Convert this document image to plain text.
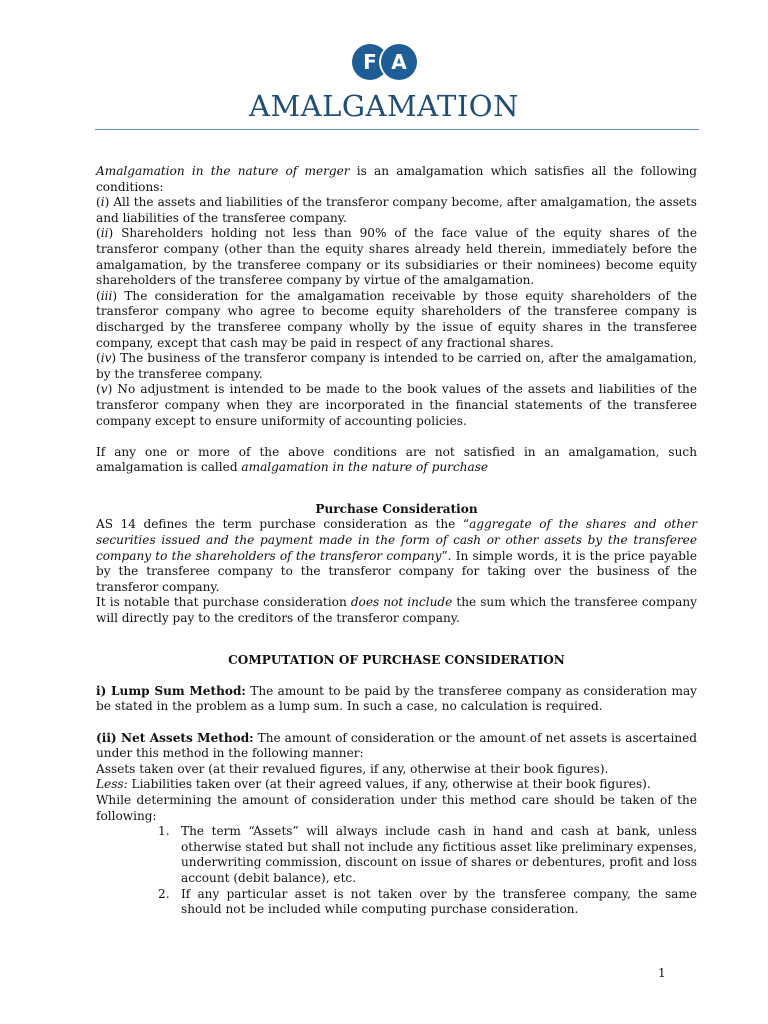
F A
AMALGAMATION

Amalgamation in the nature of merger is an amalgamation which satisfies all the following conditions:

(i) All the assets and liabilities of the transferor company become, after amalgamation, the assets and liabilities of the transferee company.

(ii) Shareholders holding not less than 90% of the face value of the equity shares of the transferor company (other than the equity shares already held therein, immediately before the amalgamation, by the transferee company or its subsidiaries or their nominees) become equity shareholders of the transferee company by virtue of the amalgamation.

(iii) The consideration for the amalgamation receivable by those equity shareholders of the transferor company who agree to become equity shareholders of the transferee company is discharged by the transferee company wholly by the issue of equity shares in the transferee company, except that cash may be paid in respect of any fractional shares.

(iv) The business of the transferor company is intended to be carried on, after the amalgamation, by the transferee company.

(v) No adjustment is intended to be made to the book values of the assets and liabilities of the transferor company when they are incorporated in the financial statements of the transferee company except to ensure uniformity of accounting policies.

If any one or more of the above conditions are not satisfied in an amalgamation, such amalgamation is called amalgamation in the nature of purchase

Purchase Consideration

AS 14 defines the term purchase consideration as the “aggregate of the shares and other securities issued and the payment made in the form of cash or other assets by the transferee company to the shareholders of the transferor company”. In simple words, it is the price payable by the transferee company to the transferor company for taking over the business of the transferor company.

It is notable that purchase consideration does not include the sum which the transferee company will directly pay to the creditors of the transferor company.

COMPUTATION OF PURCHASE CONSIDERATION

i) Lump Sum Method: The amount to be paid by the transferee company as consideration may be stated in the problem as a lump sum. In such a case, no calculation is required.

(ii) Net Assets Method: The amount of consideration or the amount of net assets is ascertained under this method in the following manner:

Assets taken over (at their revalued figures, if any, otherwise at their book figures).

Less: Liabilities taken over (at their agreed values, if any, otherwise at their book figures).

While determining the amount of consideration under this method care should be taken of the following:

1. The term “Assets” will always include cash in hand and cash at bank, unless otherwise stated but shall not include any fictitious asset like preliminary expenses, underwriting commission, discount on issue of shares or debentures, profit and loss account (debit balance), etc.
2. If any particular asset is not taken over by the transferee company, the same should not be included while computing purchase consideration.
1
